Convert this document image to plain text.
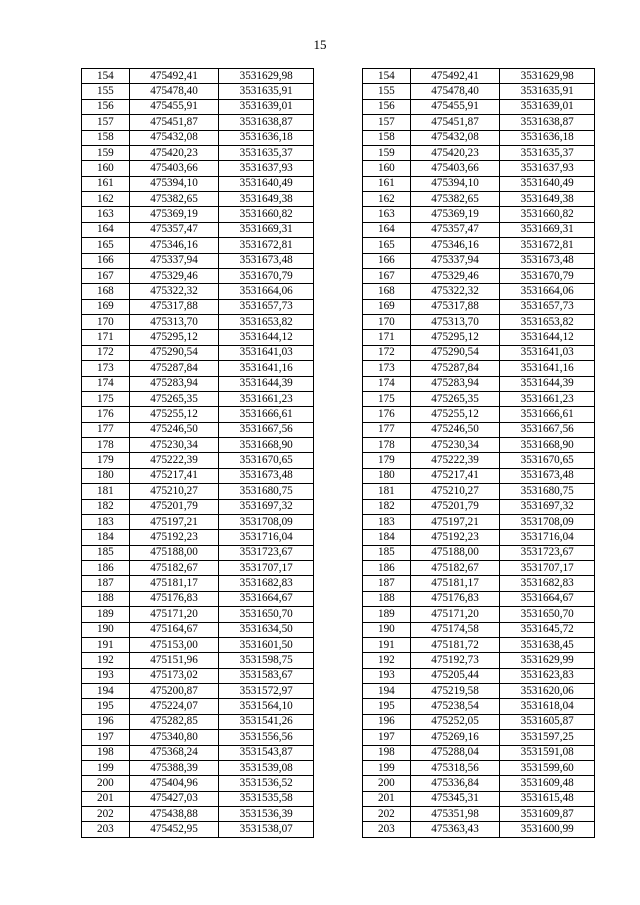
15
154	475492,41	3531629,98
155	475478,40	3531635,91
156	475455,91	3531639,01
157	475451,87	3531638,87
158	475432,08	3531636,18
159	475420,23	3531635,37
160	475403,66	3531637,93
161	475394,10	3531640,49
162	475382,65	3531649,38
163	475369,19	3531660,82
164	475357,47	3531669,31
165	475346,16	3531672,81
166	475337,94	3531673,48
167	475329,46	3531670,79
168	475322,32	3531664,06
169	475317,88	3531657,73
170	475313,70	3531653,82
171	475295,12	3531644,12
172	475290,54	3531641,03
173	475287,84	3531641,16
174	475283,94	3531644,39
175	475265,35	3531661,23
176	475255,12	3531666,61
177	475246,50	3531667,56
178	475230,34	3531668,90
179	475222,39	3531670,65
180	475217,41	3531673,48
181	475210,27	3531680,75
182	475201,79	3531697,32
183	475197,21	3531708,09
184	475192,23	3531716,04
185	475188,00	3531723,67
186	475182,67	3531707,17
187	475181,17	3531682,83
188	475176,83	3531664,67
189	475171,20	3531650,70
190	475164,67	3531634,50
191	475153,00	3531601,50
192	475151,96	3531598,75
193	475173,02	3531583,67
194	475200,87	3531572,97
195	475224,07	3531564,10
196	475282,85	3531541,26
197	475340,80	3531556,56
198	475368,24	3531543,87
199	475388,39	3531539,08
200	475404,96	3531536,52
201	475427,03	3531535,58
202	475438,88	3531536,39
203	475452,95	3531538,07
154	475492,41	3531629,98
155	475478,40	3531635,91
156	475455,91	3531639,01
157	475451,87	3531638,87
158	475432,08	3531636,18
159	475420,23	3531635,37
160	475403,66	3531637,93
161	475394,10	3531640,49
162	475382,65	3531649,38
163	475369,19	3531660,82
164	475357,47	3531669,31
165	475346,16	3531672,81
166	475337,94	3531673,48
167	475329,46	3531670,79
168	475322,32	3531664,06
169	475317,88	3531657,73
170	475313,70	3531653,82
171	475295,12	3531644,12
172	475290,54	3531641,03
173	475287,84	3531641,16
174	475283,94	3531644,39
175	475265,35	3531661,23
176	475255,12	3531666,61
177	475246,50	3531667,56
178	475230,34	3531668,90
179	475222,39	3531670,65
180	475217,41	3531673,48
181	475210,27	3531680,75
182	475201,79	3531697,32
183	475197,21	3531708,09
184	475192,23	3531716,04
185	475188,00	3531723,67
186	475182,67	3531707,17
187	475181,17	3531682,83
188	475176,83	3531664,67
189	475171,20	3531650,70
190	475174,58	3531645,72
191	475181,72	3531638,45
192	475192,73	3531629,99
193	475205,44	3531623,83
194	475219,58	3531620,06
195	475238,54	3531618,04
196	475252,05	3531605,87
197	475269,16	3531597,25
198	475288,04	3531591,08
199	475318,56	3531599,60
200	475336,84	3531609,48
201	475345,31	3531615,48
202	475351,98	3531609,87
203	475363,43	3531600,99
